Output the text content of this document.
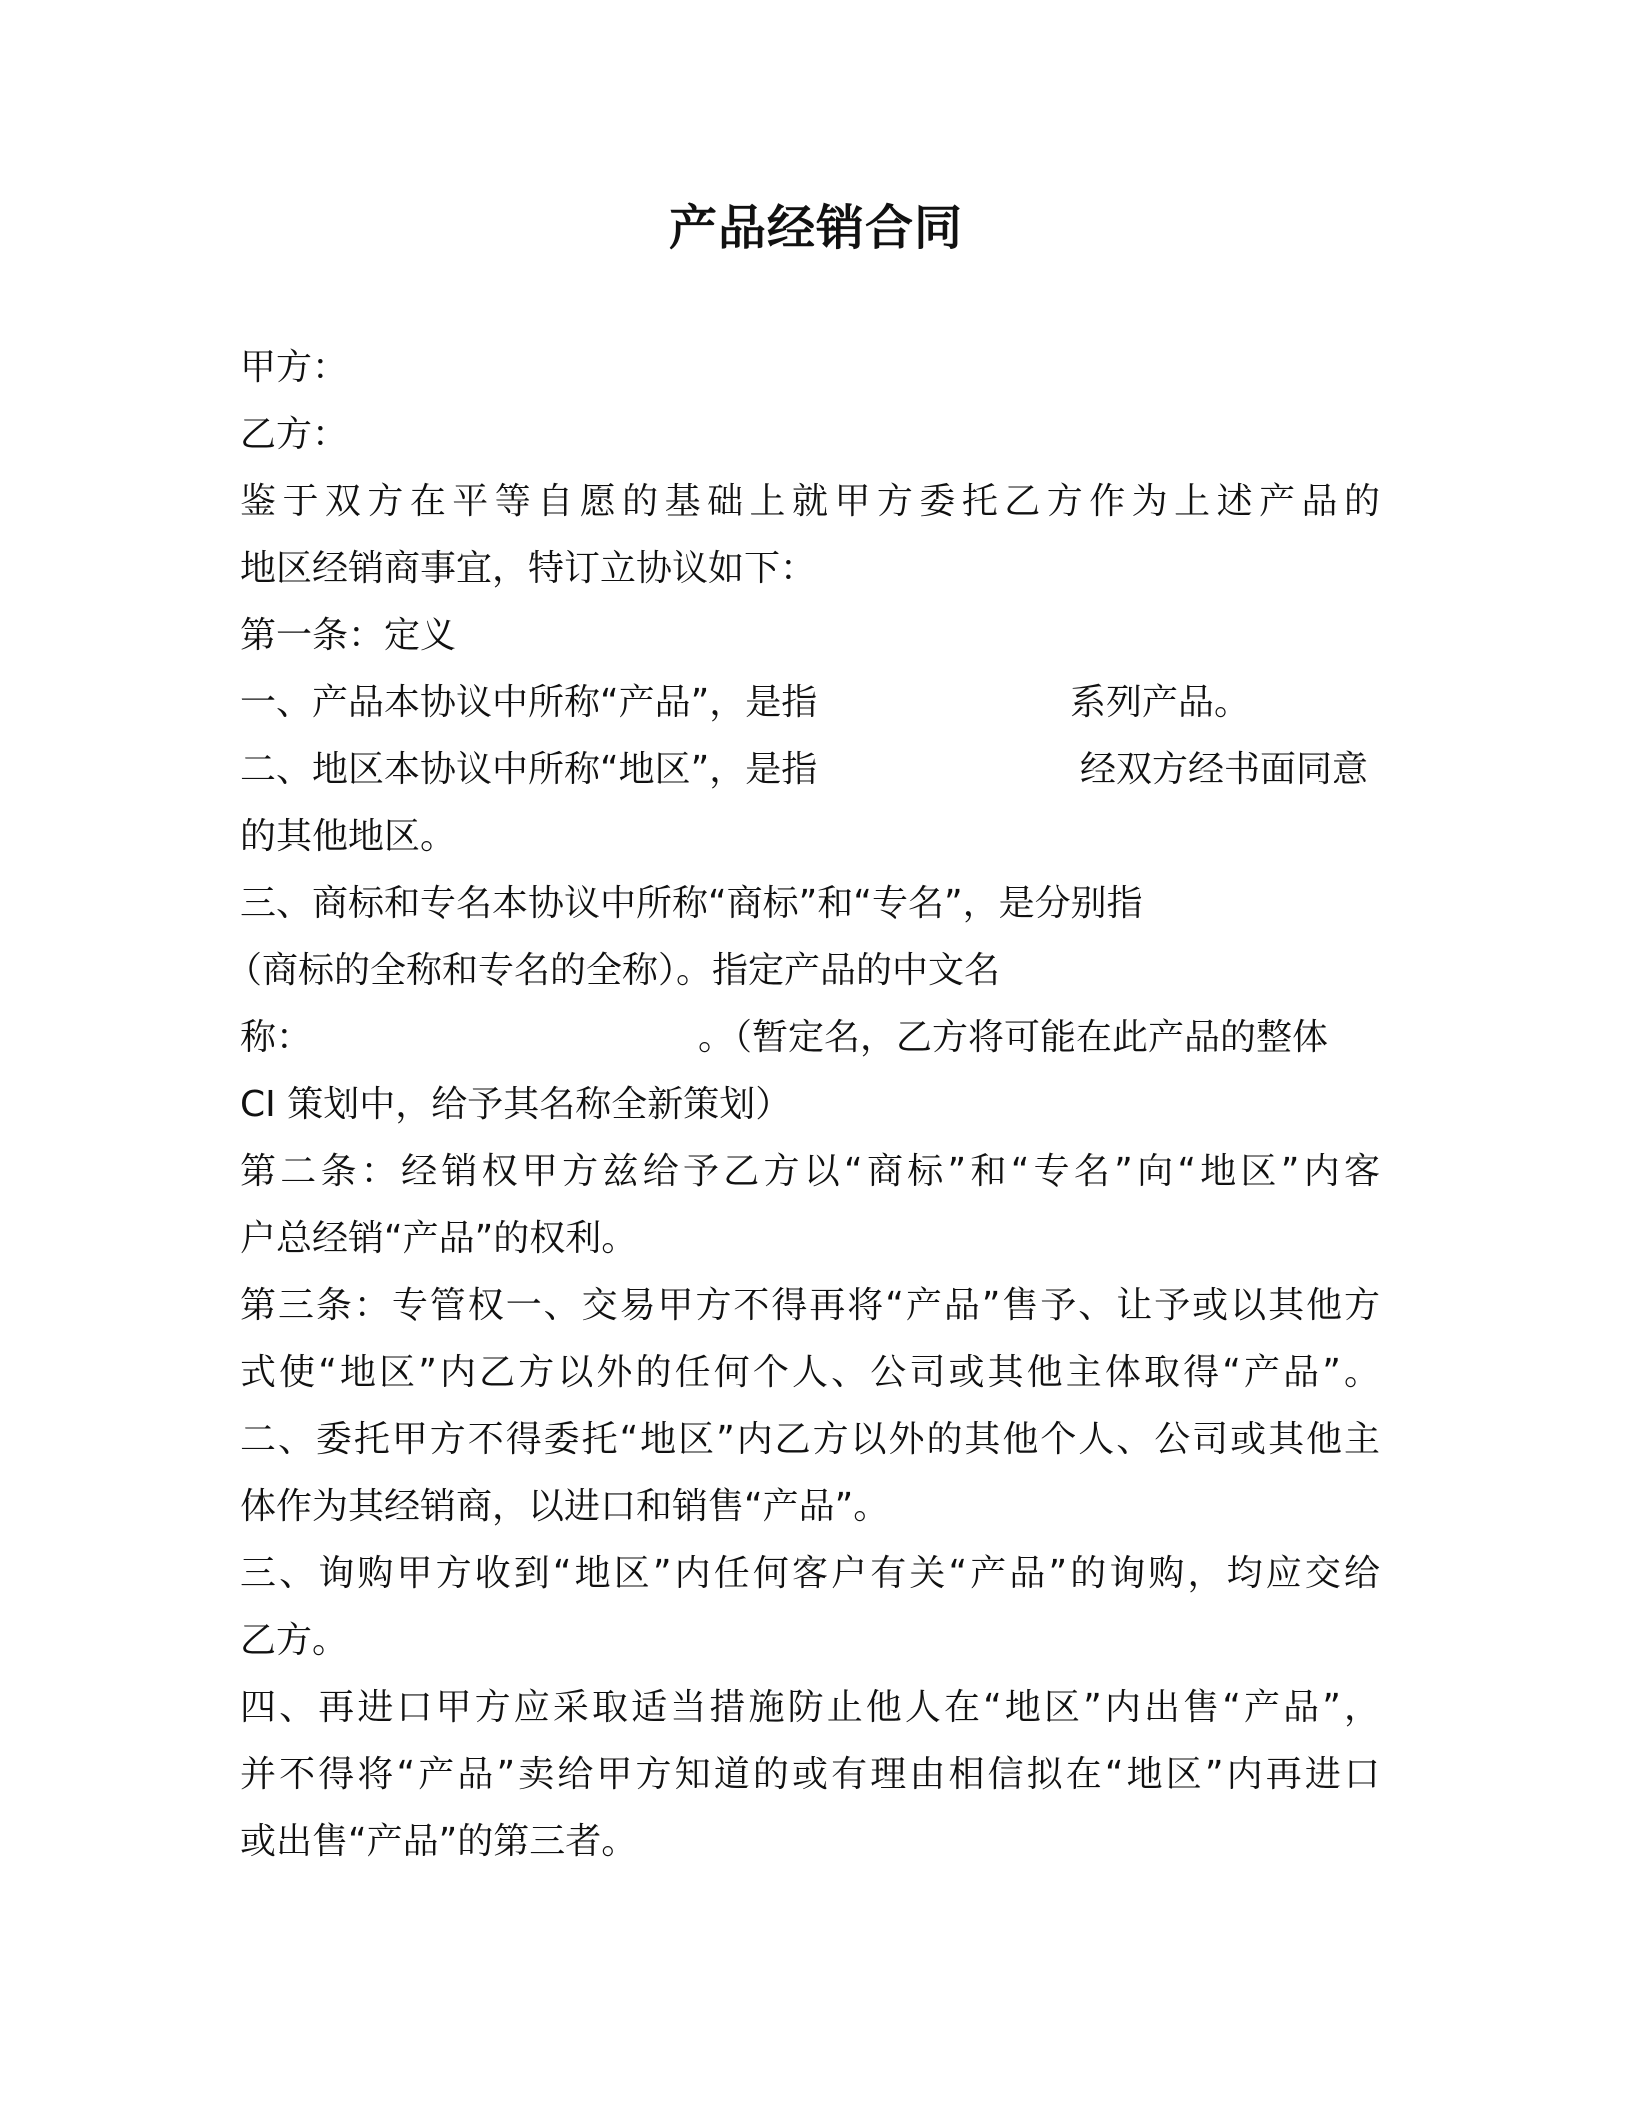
产品经销合同
甲方：
乙方：
鉴于双方在平等自愿的基础上就甲方委托乙方作为上述产品的
地区经销商事宜，特订立协议如下：
第一条：定义
一、产品本协议中所称“产品”，是指	系列产品。
二、地区本协议中所称“地区”，是指	经双方经书面同意
的其他地区。
三、商标和专名本协议中所称“商标”和“专名”，是分别指
（商标的全称和专名的全称）。指定产品的中文名
称：	。（暂定名，乙方将可能在此产品的整体
CI 策划中，给予其名称全新策划）
第二条：经销权甲方兹给予乙方以“商标”和“专名”向“地区”内客
户总经销“产品”的权利。
第三条：专管权一、交易甲方不得再将“产品”售予、让予或以其他方
式使“地区”内乙方以外的任何个人、公司或其他主体取得“产品”。
二、委托甲方不得委托“地区”内乙方以外的其他个人、公司或其他主
体作为其经销商，以进口和销售“产品”。
三、询购甲方收到“地区”内任何客户有关“产品”的询购，均应交给
乙方。
四、再进口甲方应采取适当措施防止他人在“地区”内出售“产品”，
并不得将“产品”卖给甲方知道的或有理由相信拟在“地区”内再进口
或出售“产品”的第三者。
